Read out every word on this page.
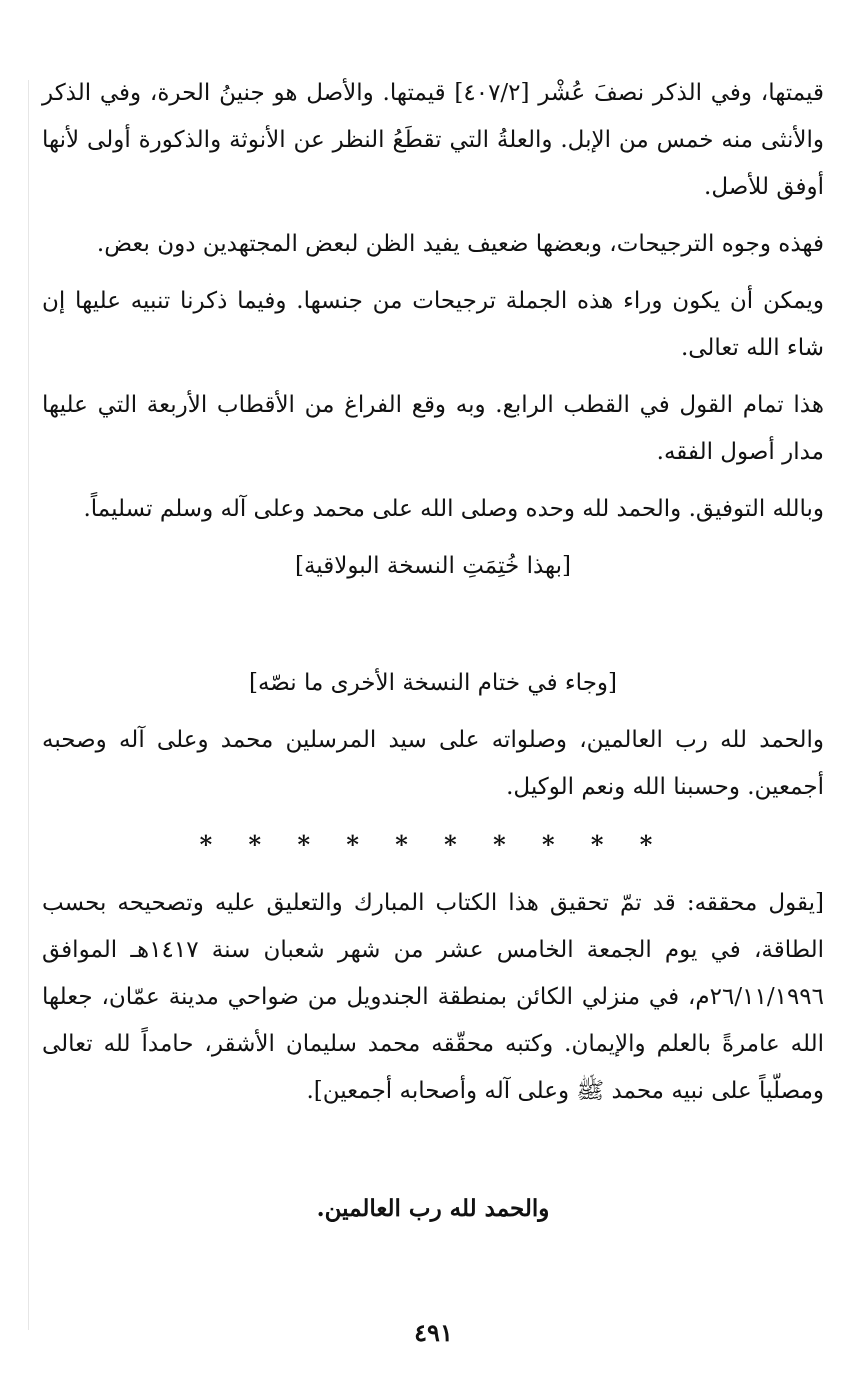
قيمتها، وفي الذكر نصفَ عُشْر [٤٠٧/٢] قيمتها. والأصل هو جنينُ الحرة، وفي الذكر والأنثى منه خمس من الإبل. والعلةُ التي تقطَعُ النظر عن الأنوثة والذكورة أولى لأنها أوفق للأصل.

فهذه وجوه الترجيحات، وبعضها ضعيف يفيد الظن لبعض المجتهدين دون بعض.

ويمكن أن يكون وراء هذه الجملة ترجيحات من جنسها. وفيما ذكرنا تنبيه عليها إن شاء الله تعالى.

هذا تمام القول في القطب الرابع. وبه وقع الفراغ من الأقطاب الأربعة التي عليها مدار أصول الفقه.

وبالله التوفيق. والحمد لله وحده وصلى الله على محمد وعلى آله وسلم تسليماً.

[بهذا خُتِمَتِ النسخة البولاقية]

[وجاء في ختام النسخة الأخرى ما نصّه]

والحمد لله رب العالمين، وصلواته على سيد المرسلين محمد وعلى آله وصحبه أجمعين. وحسبنا الله ونعم الوكيل.

* * * * * * * * * *

[يقول محققه: قد تمّ تحقيق هذا الكتاب المبارك والتعليق عليه وتصحيحه بحسب الطاقة، في يوم الجمعة الخامس عشر من شهر شعبان سنة ١٤١٧هـ الموافق ٢٦/١١/١٩٩٦م، في منزلي الكائن بمنطقة الجندويل من ضواحي مدينة عمّان، جعلها الله عامرةً بالعلم والإيمان. وكتبه محقّقه محمد سليمان الأشقر، حامداً لله تعالى ومصلّياً على نبيه محمد ﷺ وعلى آله وأصحابه أجمعين].

والحمد لله رب العالمين.

٤٩١
